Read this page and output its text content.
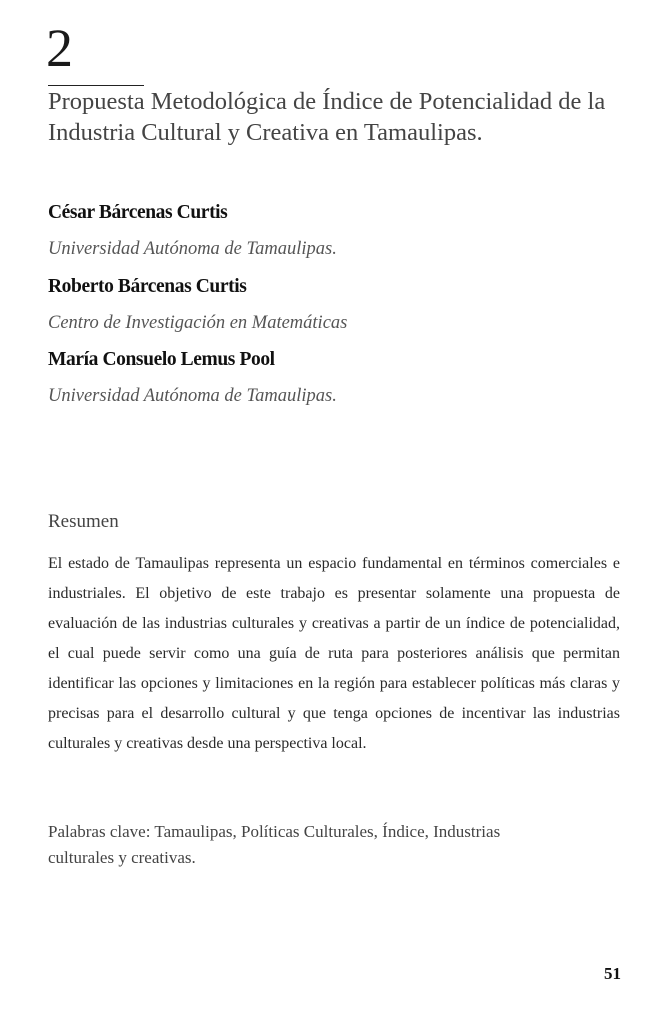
2
Propuesta Metodológica de Índice de Potencialidad de la Industria Cultural y Creativa en Tamaulipas.
César Bárcenas Curtis
Universidad Autónoma de Tamaulipas.
Roberto Bárcenas Curtis
Centro de Investigación en Matemáticas
María Consuelo Lemus Pool
Universidad Autónoma de Tamaulipas.
Resumen

El estado de Tamaulipas representa un espacio fundamental en términos comerciales e industriales. El objetivo de este trabajo es presentar solamente una propuesta de evaluación de las industrias culturales y creativas a partir de un índice de potencialidad, el cual puede servir como una guía de ruta para posteriores análisis que permitan identificar las opciones y limitaciones en la región para establecer políticas más claras y precisas para el desarrollo cultural y que tenga opciones de incentivar las industrias culturales y creativas desde una perspectiva local.

Palabras clave: Tamaulipas, Políticas Culturales, Índice, Industrias culturales y creativas.

51
